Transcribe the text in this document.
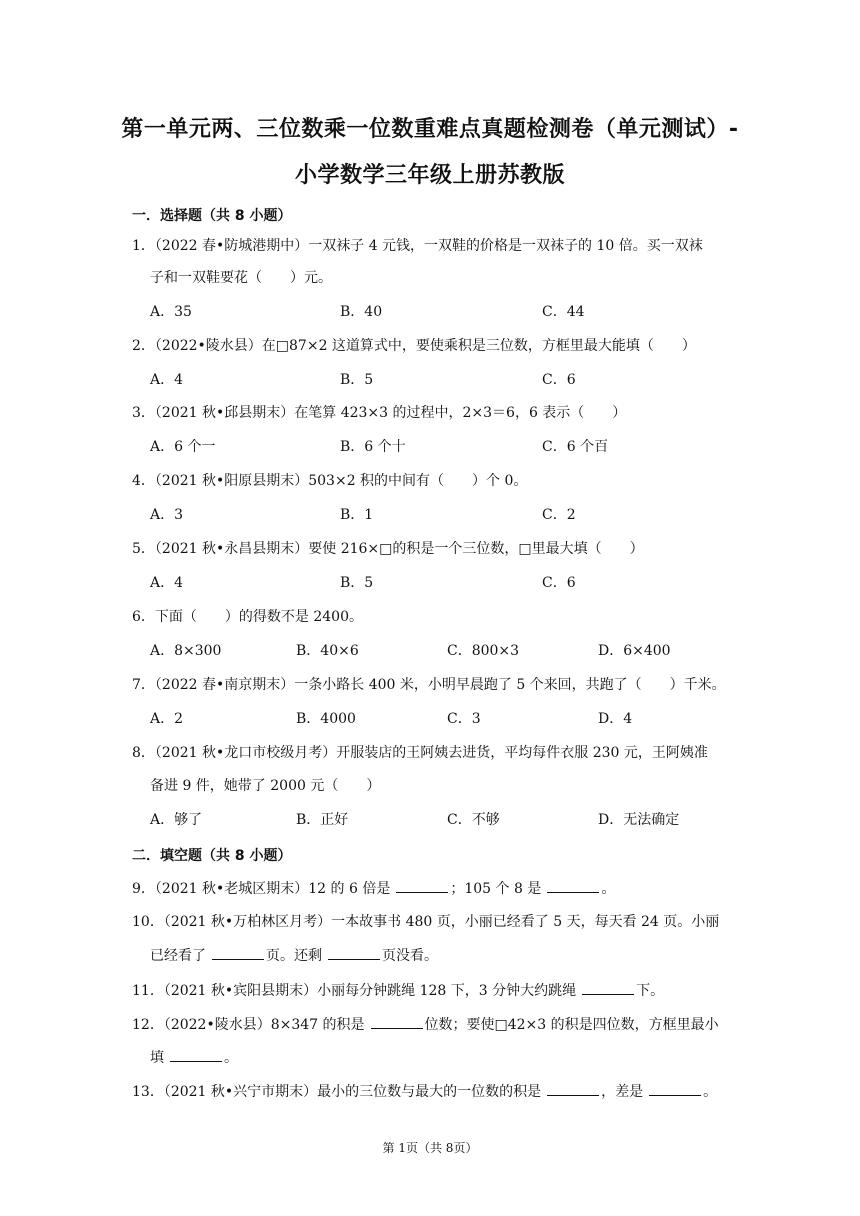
第一单元两、三位数乘一位数重难点真题检测卷（单元测试）-
小学数学三年级上册苏教版
一．选择题（共 8 小题）
1．（2022 春•防城港期中）一双袜子 4 元钱，一双鞋的价格是一双袜子的 10 倍。买一双袜
子和一双鞋要花（　　）元。
A．35	B．40	C．44
2．（2022•陵水县）在□87×2 这道算式中，要使乘积是三位数，方框里最大能填（　　）
A．4	B．5	C．6
3．（2021 秋•邱县期末）在笔算 423×3 的过程中，2×3＝6，6 表示（　　）
A．6 个一	B．6 个十	C．6 个百
4．（2021 秋•阳原县期末）503×2 积的中间有（　　）个 0。
A．3	B．1	C．2
5．（2021 秋•永昌县期末）要使 216×□的积是一个三位数，□里最大填（　　）
A．4	B．5	C．6
6．下面（　　）的得数不是 2400。
A．8×300	B．40×6	C．800×3	D．6×400
7．（2022 春•南京期末）一条小路长 400 米，小明早晨跑了 5 个来回，共跑了（　　）千米。
A．2	B．4000	C．3	D．4
8．（2021 秋•龙口市校级月考）开服装店的王阿姨去进货，平均每件衣服 230 元，王阿姨准
备进 9 件，她带了 2000 元（　　）
A．够了	B．正好	C．不够	D．无法确定
二．填空题（共 8 小题）
9．（2021 秋•老城区期末）12 的 6 倍是	；105 个 8 是	。
10．（2021 秋•万柏林区月考）一本故事书 480 页，小丽已经看了 5 天，每天看 24 页。小丽
已经看了	页。还剩	页没看。
11．（2021 秋•宾阳县期末）小丽每分钟跳绳 128 下，3 分钟大约跳绳	下。
12．（2022•陵水县）8×347 的积是	位数；要使□42×3 的积是四位数，方框里最小
填	。
13．（2021 秋•兴宁市期末）最小的三位数与最大的一位数的积是	，差是	。
第 1页（共 8页）
